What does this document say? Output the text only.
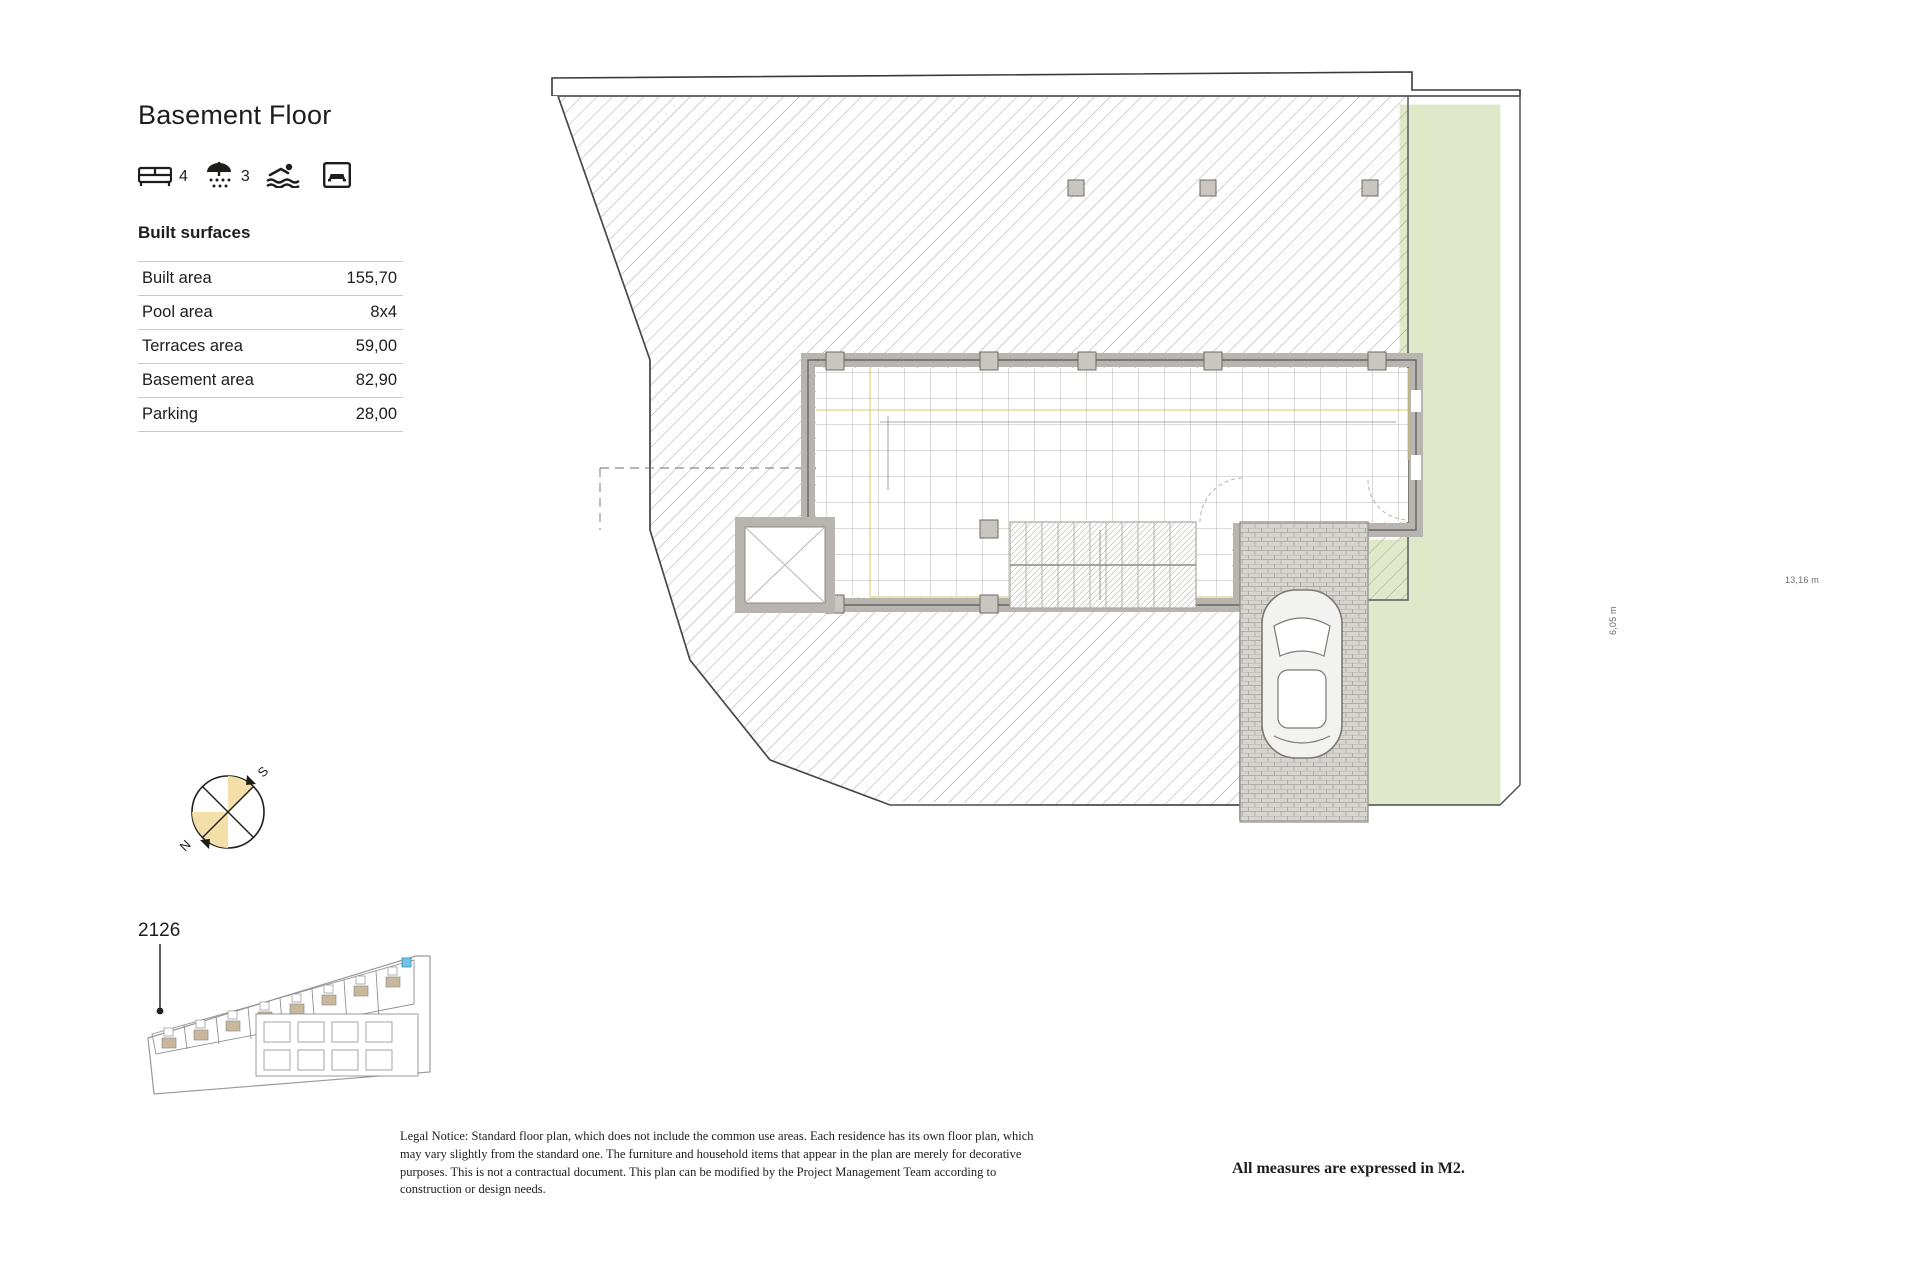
Basement Floor
4	3
Built surfaces
Built area	155,70
Pool area	8x4
Terraces area	59,00
Basement area	82,90
Parking	28,00
S
N
2126
13,16 m
6,05 m
Legal Notice: Standard floor plan, which does not include the common use areas. Each residence has its own floor plan, which may vary slightly from the standard one. The furniture and household items that appear in the plan are merely for decorative purposes. This is not a contractual document. This plan can be modified by the Project Management Team according to construction or design needs.
All measures are expressed in M2.
